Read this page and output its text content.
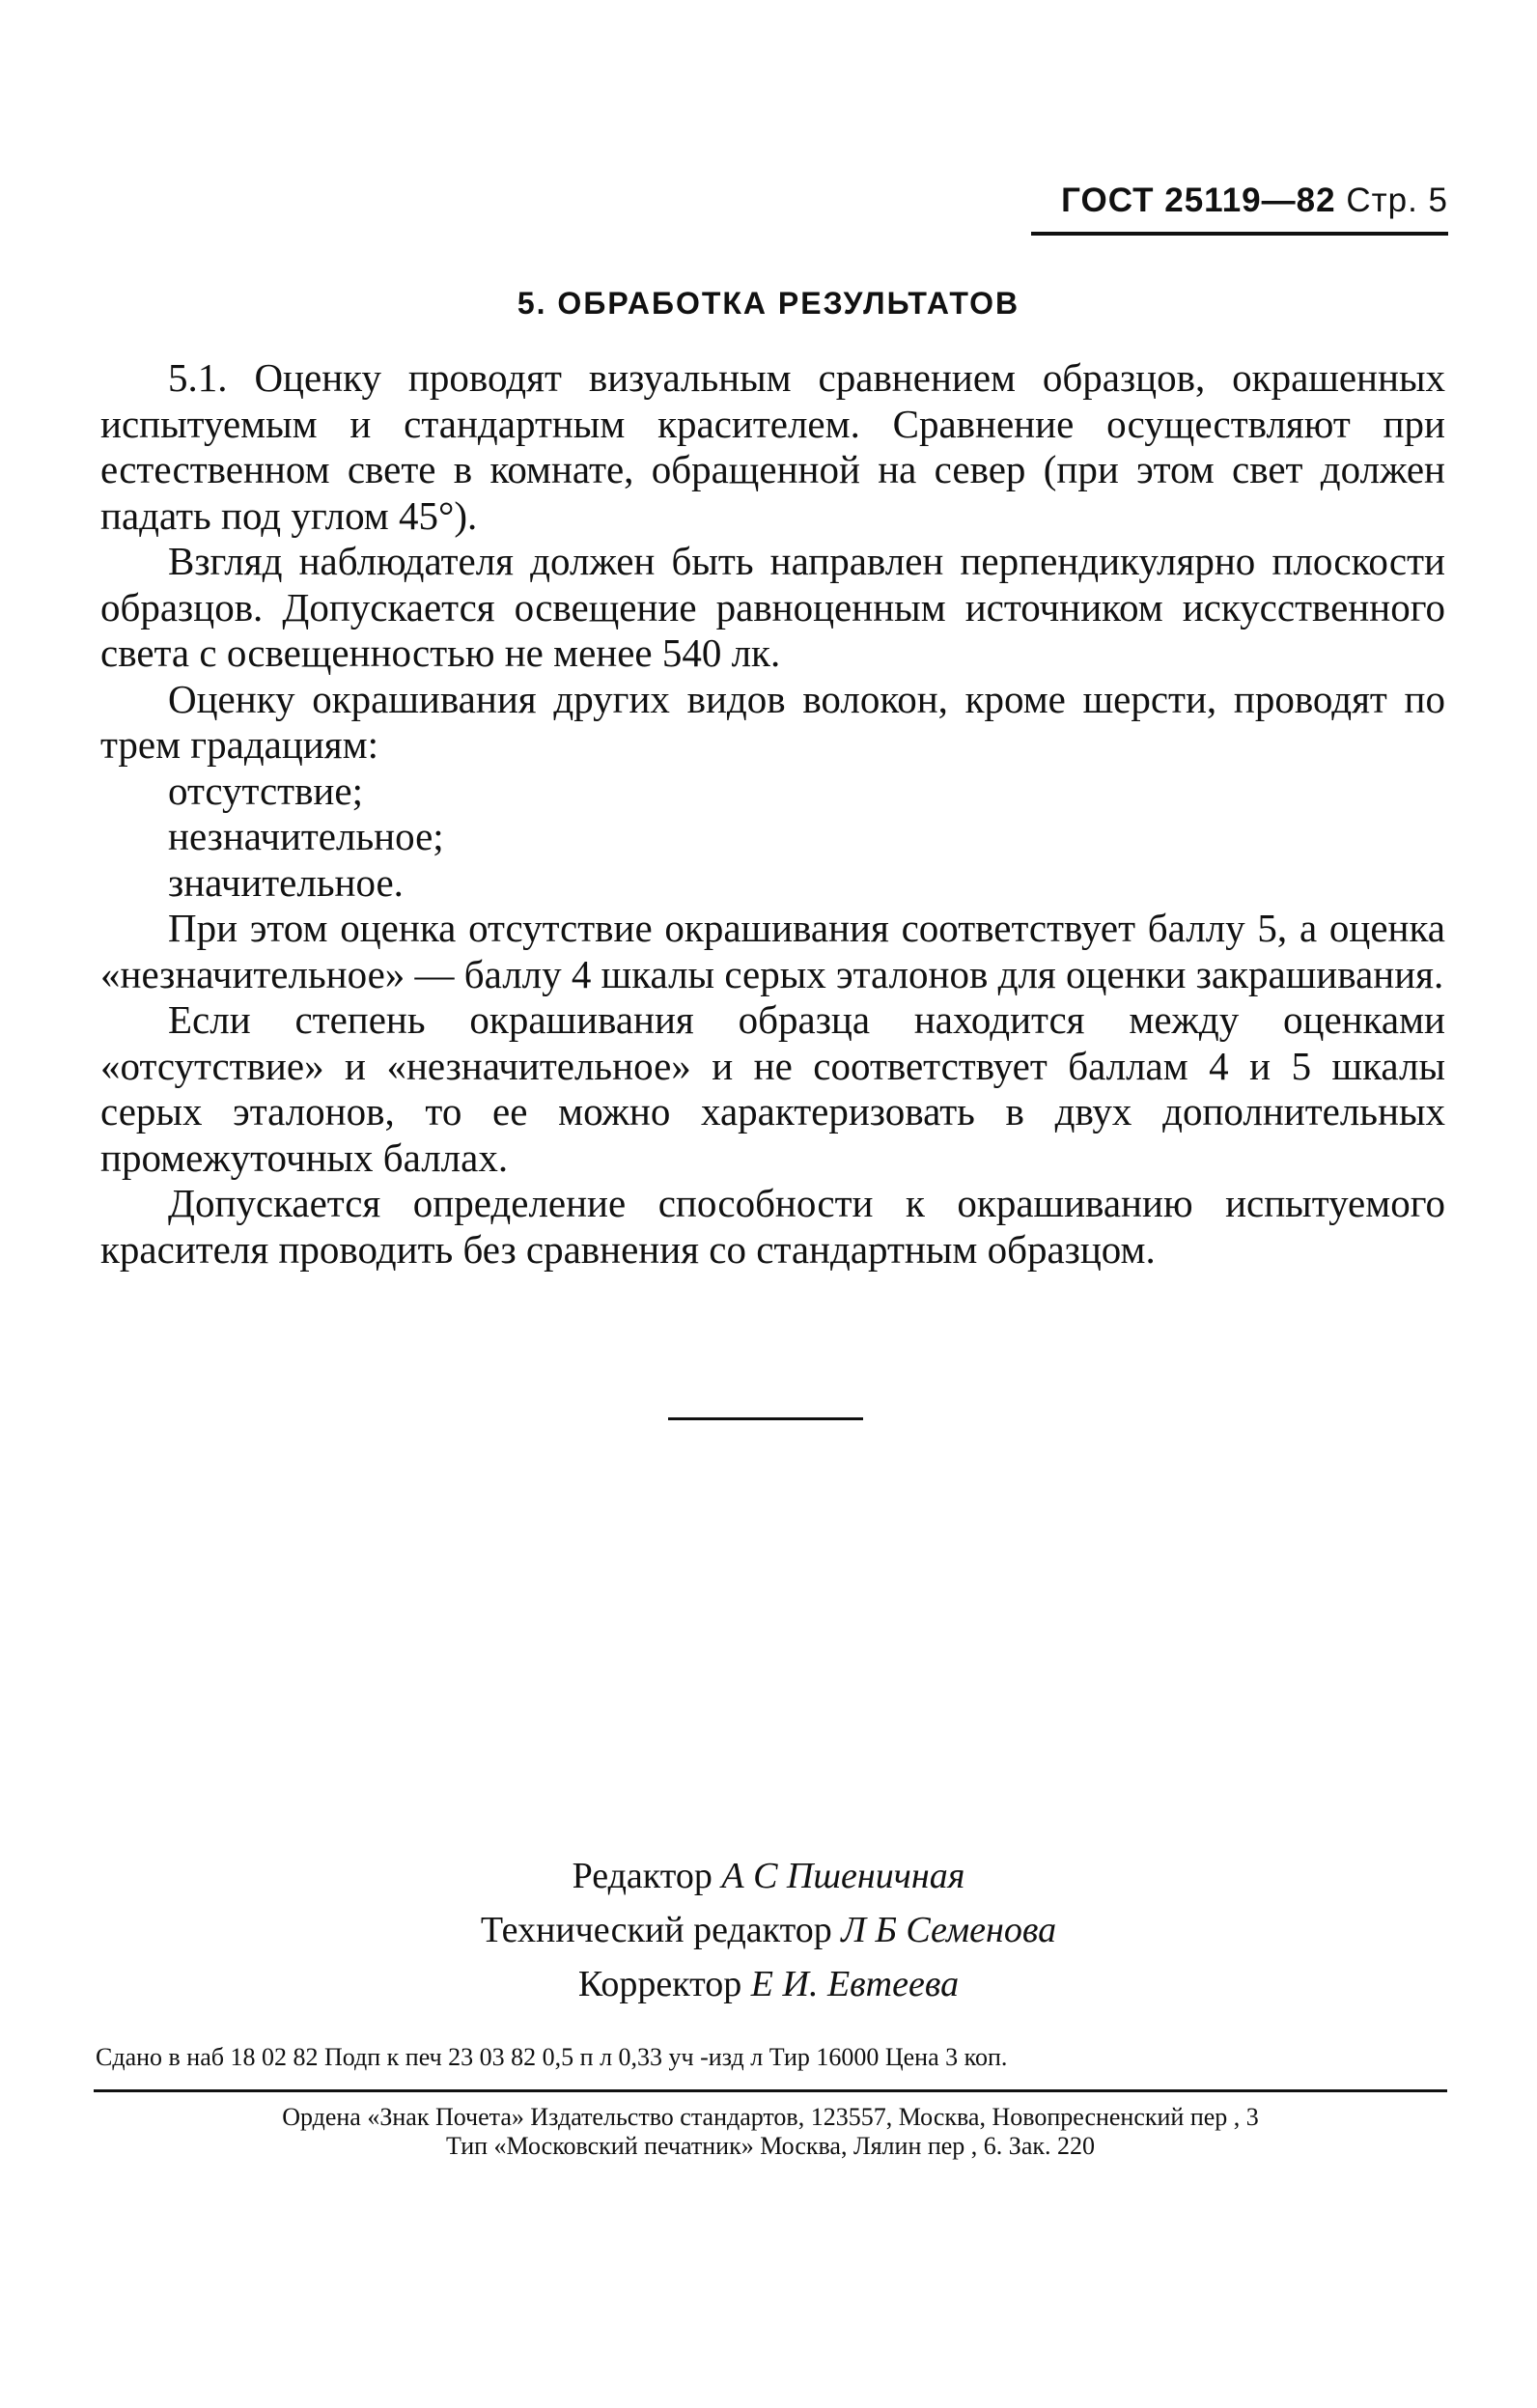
ГОСТ 25119—82 Стр. 5
5. ОБРАБОТКА РЕЗУЛЬТАТОВ

5.1. Оценку проводят визуальным сравнением образцов, окрашенных испытуемым и стандартным красителем. Сравнение осуществляют при естественном свете в комнате, обращенной на север (при этом свет должен падать под углом 45°).

Взгляд наблюдателя должен быть направлен перпендикулярно плоскости образцов. Допускается освещение равноценным источником искусственного света с освещенностью не менее 540 лк.

Оценку окрашивания других видов волокон, кроме шерсти, проводят по трем градациям:

отсутствие;
незначительное;
значительное.

При этом оценка отсутствие окрашивания соответствует баллу 5, а оценка «незначительное» — баллу 4 шкалы серых эталонов для оценки закрашивания.

Если степень окрашивания образца находится между оценками «отсутствие» и «незначительное» и не соответствует баллам 4 и 5 шкалы серых эталонов, то ее можно характеризовать в двух дополнительных промежуточных баллах.

Допускается определение способности к окрашиванию испытуемого красителя проводить без сравнения со стандартным образцом.

Редактор А С Пшеничная
Технический редактор Л Б Семенова
Корректор Е И. Евтеева
Сдано в наб 18 02 82 Подп к печ 23 03 82 0,5 п л 0,33 уч -изд л Тир 16000 Цена 3 коп.
Ордена «Знак Почета» Издательство стандартов, 123557, Москва, Новопресненский пер , 3
Тип «Московский печатник» Москва, Лялин пер , 6. Зак. 220
